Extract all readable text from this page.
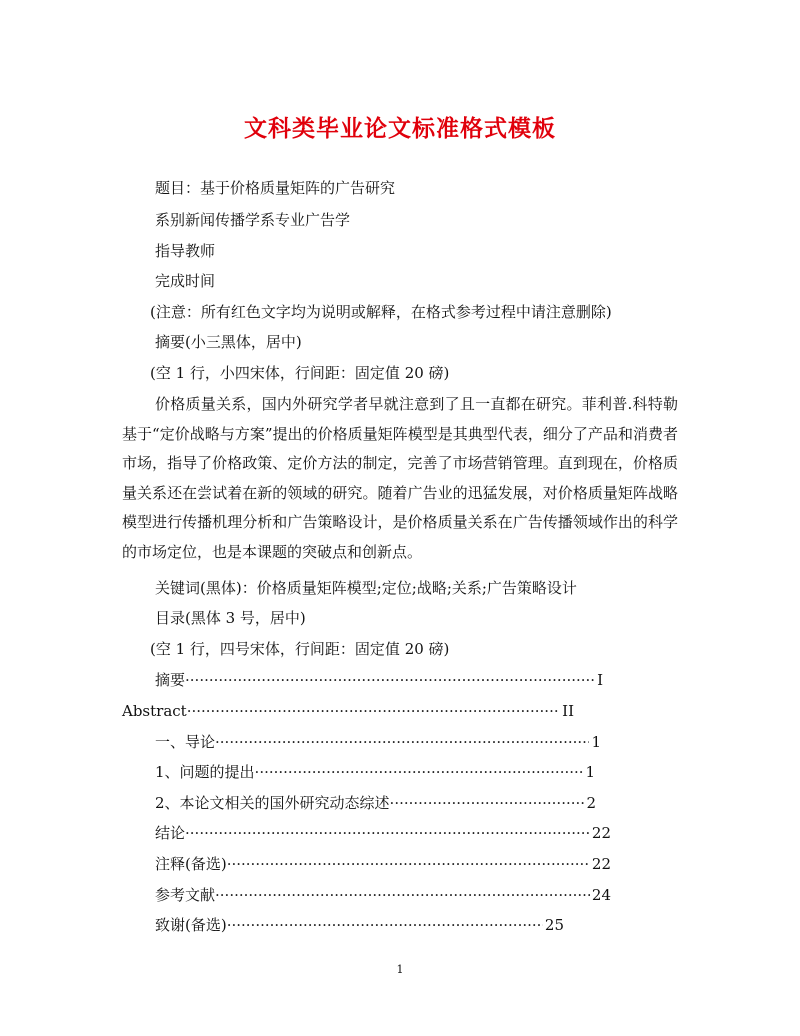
文科类毕业论文标准格式模板
题目：基于价格质量矩阵的广告研究
系别新闻传播学系专业广告学
指导教师
完成时间
(注意：所有红色文字均为说明或解释，在格式参考过程中请注意删除)
摘要(小三黑体，居中)
(空 1 行，小四宋体，行间距：固定值 20 磅)
价格质量关系，国内外研究学者早就注意到了且一直都在研究。菲利普.科特勒基于“定价战略与方案”提出的价格质量矩阵模型是其典型代表，细分了产品和消费者市场，指导了价格政策、定价方法的制定，完善了市场营销管理。直到现在，价格质量关系还在尝试着在新的领域的研究。随着广告业的迅猛发展，对价格质量矩阵战略模型进行传播机理分析和广告策略设计，是价格质量关系在广告传播领域作出的科学的市场定位，也是本课题的突破点和创新点。
关键词(黑体)：价格质量矩阵模型;定位;战略;关系;广告策略设计
目录(黑体 3 号，居中)
(空 1 行，四号宋体，行间距：固定值 20 磅)
摘要 ·····	I
Abstract ·····	II
一、导论 ·····	1
1、问题的提出 ·····	1
2、本论文相关的国外研究动态综述 ·····	2
结论 ·····	22
注释(备选) ·····	22
参考文献 ·····	24
致谢(备选) ·····	25
1
